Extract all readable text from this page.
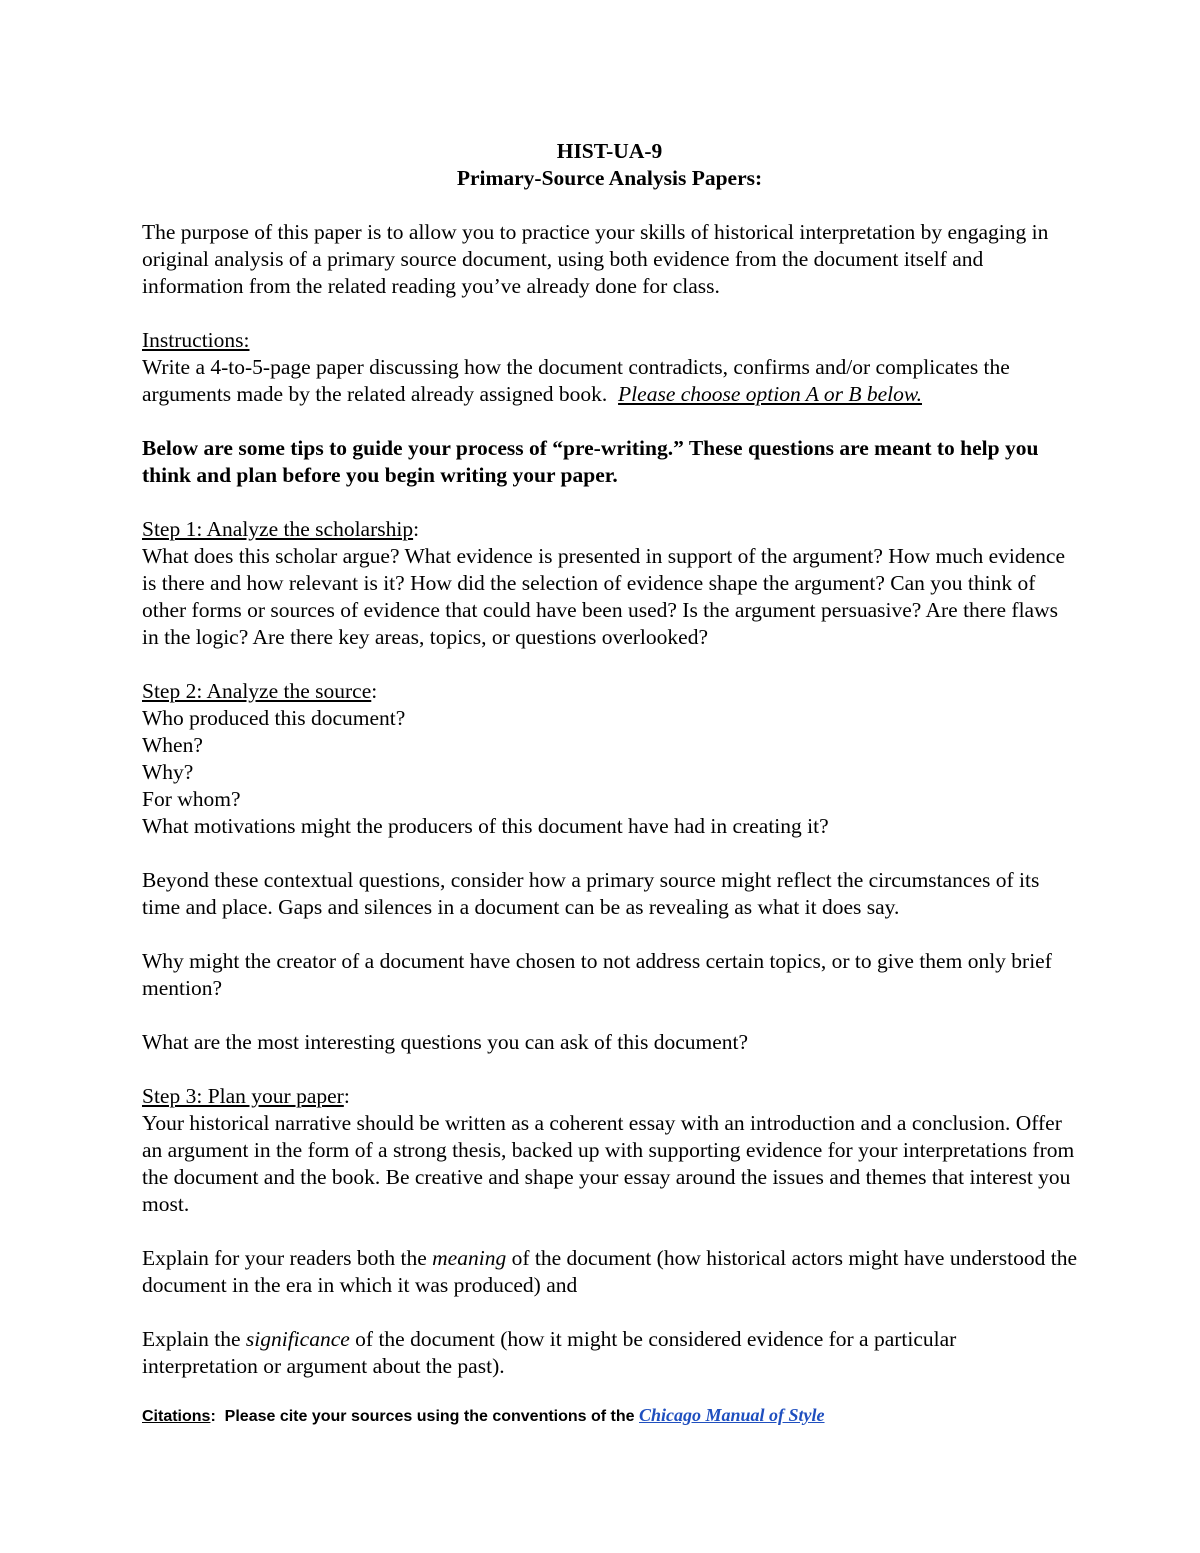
HIST-UA-9

Primary-Source Analysis Papers:

The purpose of this paper is to allow you to practice your skills of historical interpretation by engaging in original analysis of a primary source document, using both evidence from the document itself and information from the related reading you’ve already done for class.

Instructions:

Write a 4-to-5-page paper discussing how the document contradicts, confirms and/or complicates the arguments made by the related already assigned book. Please choose option A or B below.

Below are some tips to guide your process of “pre-writing.” These questions are meant to help you think and plan before you begin writing your paper.

Step 1: Analyze the scholarship:

What does this scholar argue? What evidence is presented in support of the argument? How much evidence is there and how relevant is it? How did the selection of evidence shape the argument? Can you think of other forms or sources of evidence that could have been used? Is the argument persuasive? Are there flaws in the logic? Are there key areas, topics, or questions overlooked?

Step 2: Analyze the source:

Who produced this document?

When?

Why?

For whom?

What motivations might the producers of this document have had in creating it?

Beyond these contextual questions, consider how a primary source might reflect the circumstances of its time and place. Gaps and silences in a document can be as revealing as what it does say.

Why might the creator of a document have chosen to not address certain topics, or to give them only brief mention?

What are the most interesting questions you can ask of this document?

Step 3: Plan your paper:

Your historical narrative should be written as a coherent essay with an introduction and a conclusion. Offer an argument in the form of a strong thesis, backed up with supporting evidence for your interpretations from the document and the book. Be creative and shape your essay around the issues and themes that interest you most.

Explain for your readers both the meaning of the document (how historical actors might have understood the document in the era in which it was produced) and

Explain the significance of the document (how it might be considered evidence for a particular interpretation or argument about the past).

Citations:  Please cite your sources using the conventions of the Chicago Manual of Style
